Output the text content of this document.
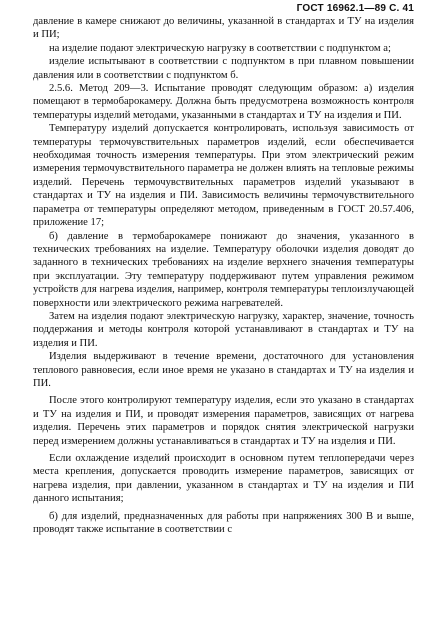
ГОСТ 16962.1—89 С. 41

давление в камере снижают до величины, указанной в стандартах и ТУ на изделия и ПИ;

на изделие подают электрическую нагрузку в соответствии с подпунктом а;

изделие испытывают в соответствии с подпунктом в при плавном повышении давления или в соответствии с подпунктом б.

2.5.6. Метод 209—3. Испытание проводят следующим образом: а) изделия помещают в термобарокамеру. Должна быть предусмотрена возможность контроля температуры изделий методами, указанными в стандартах и ТУ на изделия и ПИ.

Температуру изделий допускается контролировать, используя зависимость от температуры термочувствительных параметров изделий, если обеспечивается необходимая точность измерения температуры. При этом электрический режим измерения термочувствительного параметра не должен влиять на тепловые режимы изделий. Перечень термочувствительных параметров изделий указывают в стандартах и ТУ на изделия и ПИ. Зависимость величины термочувствительного параметра от температуры определяют методом, приведенным в ГОСТ 20.57.406, приложение 17;

б) давление в термобарокамере понижают до значения, указанного в технических требованиях на изделие. Температуру оболочки изделия доводят до заданного в технических требованиях на изделие верхнего значения температуры при эксплуатации. Эту температуру поддерживают путем управления режимом устройств для нагрева изделия, например, контроля температуры теплоизлучающей поверхности или электрического режима нагревателей.

Затем на изделия подают электрическую нагрузку, характер, значение, точность поддержания и методы контроля которой устанавливают в стандартах и ТУ на изделия и ПИ.

Изделия выдерживают в течение времени, достаточного для установления теплового равновесия, если иное время не указано в стандартах и ТУ на изделия и ПИ.

После этого контролируют температуру изделия, если это указано в стандартах и ТУ на изделия и ПИ, и проводят измерения параметров, зависящих от нагрева изделия. Перечень этих параметров и порядок снятия электрической нагрузки перед измерением должны устанавливаться в стандартах и ТУ на изделия и ПИ.

Если охлаждение изделий происходит в основном путем теплопередачи через места крепления, допускается проводить измерение параметров, зависящих от нагрева изделия, при давлении, указанном в стандартах и ТУ на изделия и ПИ данного испытания;

б) для изделий, предназначенных для работы при напряжениях 300 В и выше, проводят также испытание в соответствии с
